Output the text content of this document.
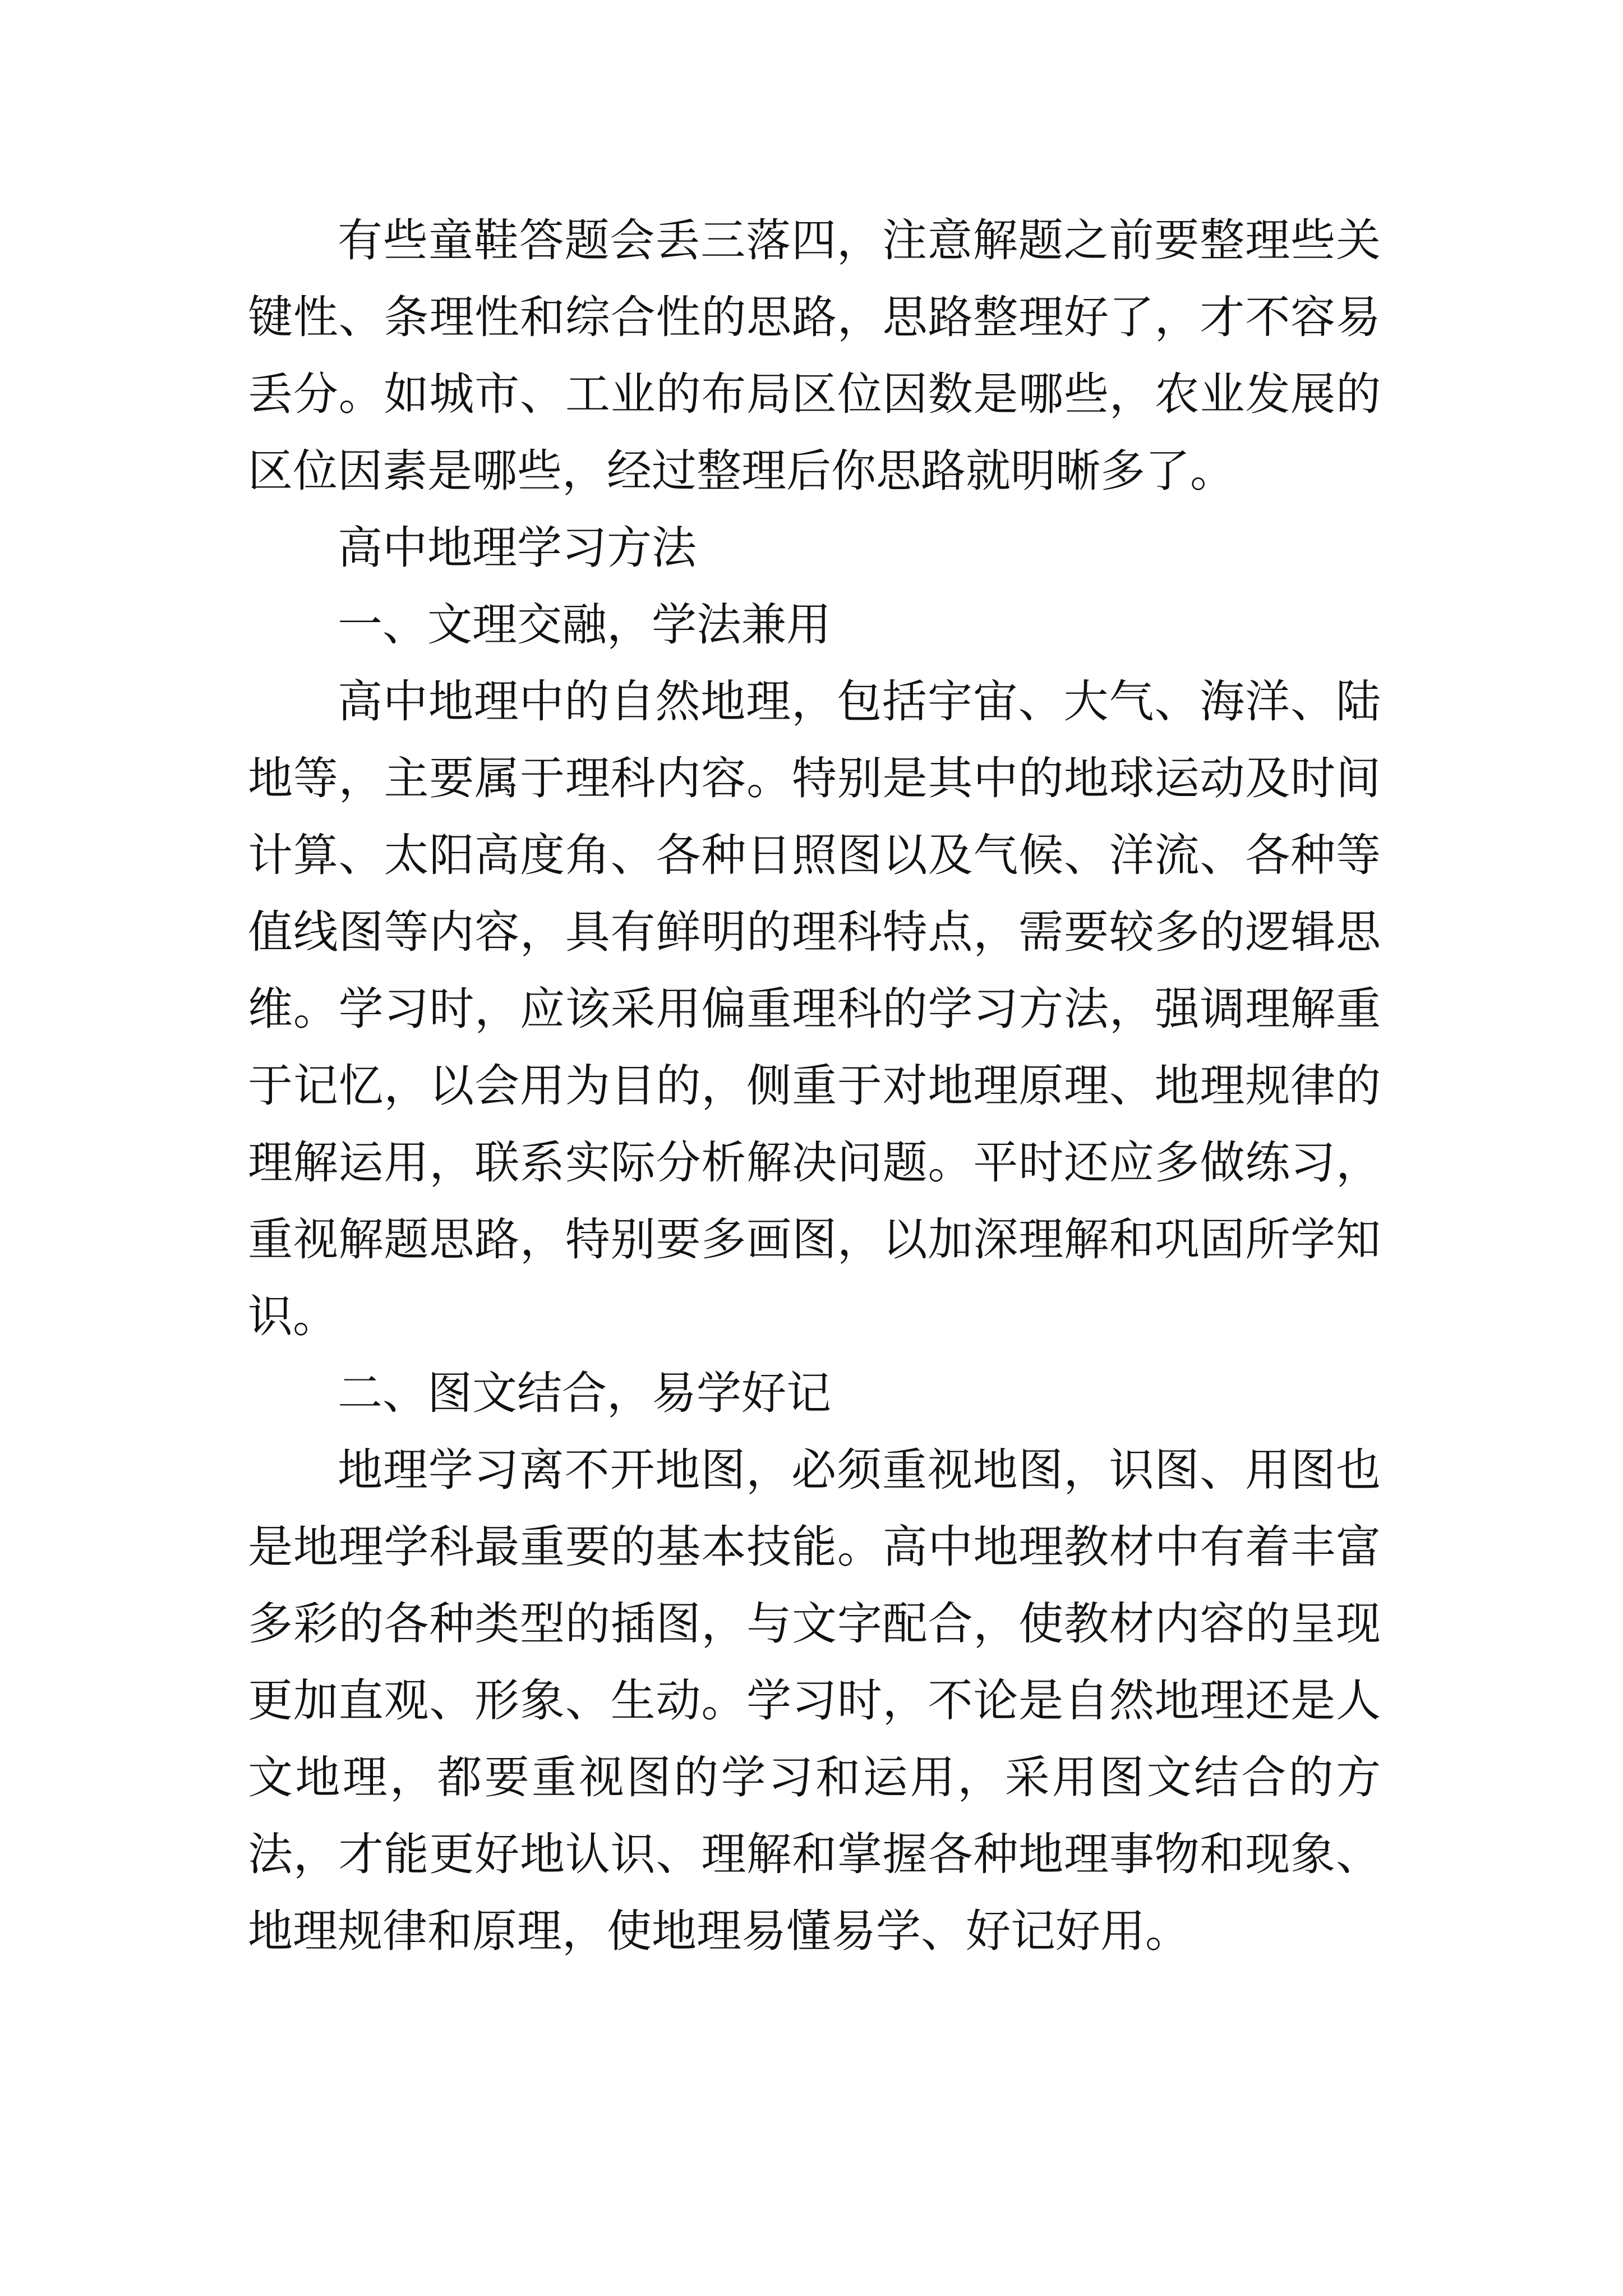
有些童鞋答题会丢三落四，注意解题之前要整理些关键性、条理性和综合性的思路，思路整理好了，才不容易丢分。如城市、工业的布局区位因数是哪些，农业发展的区位因素是哪些，经过整理后你思路就明晰多了。

高中地理学习方法

一、文理交融，学法兼用

高中地理中的自然地理，包括宇宙、大气、海洋、陆地等，主要属于理科内容。特别是其中的地球运动及时间计算、太阳高度角、各种日照图以及气候、洋流、各种等值线图等内容，具有鲜明的理科特点，需要较多的逻辑思维。学习时，应该采用偏重理科的学习方法，强调理解重于记忆，以会用为目的，侧重于对地理原理、地理规律的理解运用，联系实际分析解决问题。平时还应多做练习，重视解题思路，特别要多画图，以加深理解和巩固所学知识。

二、图文结合，易学好记

地理学习离不开地图，必须重视地图，识图、用图也是地理学科最重要的基本技能。高中地理教材中有着丰富多彩的各种类型的插图，与文字配合，使教材内容的呈现更加直观、形象、生动。学习时，不论是自然地理还是人文地理，都要重视图的学习和运用，采用图文结合的方法，才能更好地认识、理解和掌握各种地理事物和现象、地理规律和原理，使地理易懂易学、好记好用。
